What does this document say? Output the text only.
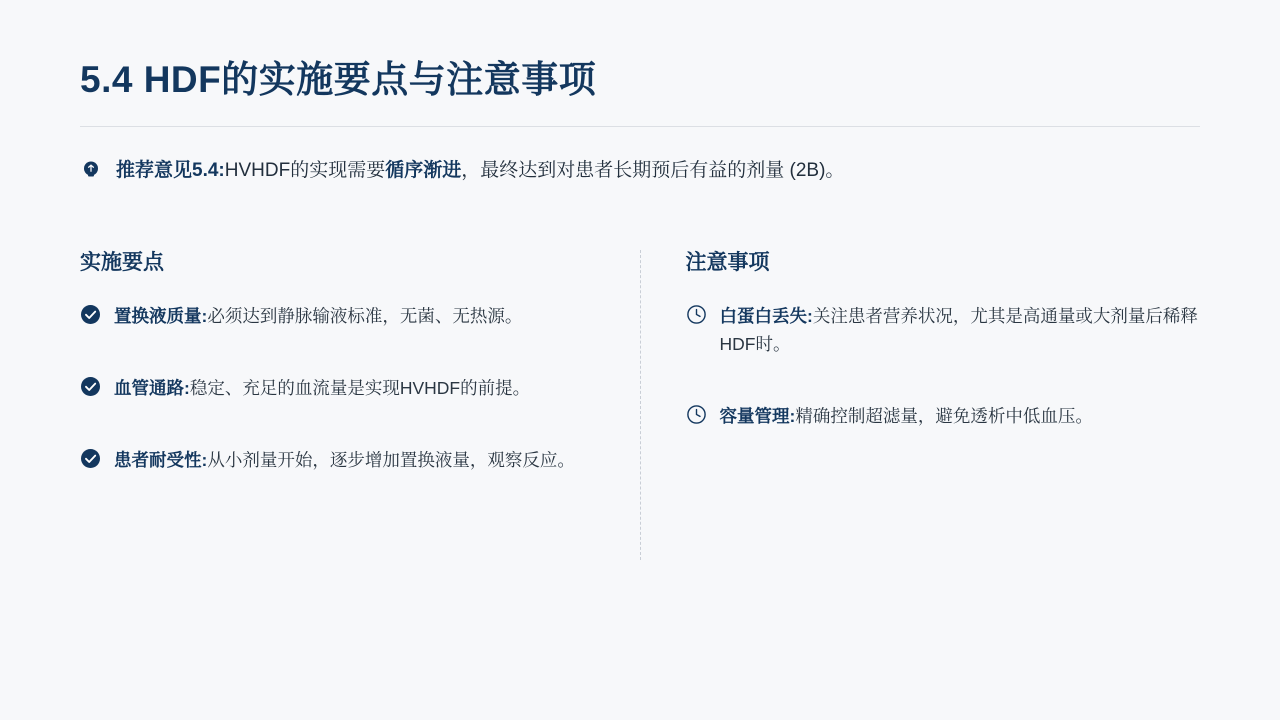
5.4 HDF的实施要点与注意事项
推荐意见5.4:HVHDF的实现需要循序渐进，最终达到对患者长期预后有益的剂量 (2B)。
实施要点
置换液质量:必须达到静脉输液标准，无菌、无热源。
血管通路:稳定、充足的血流量是实现HVHDF的前提。
患者耐受性:从小剂量开始，逐步增加置换液量，观察反应。
注意事项
白蛋白丢失:关注患者营养状况，尤其是高通量或大剂量后稀释HDF时。
容量管理:精确控制超滤量，避免透析中低血压。
